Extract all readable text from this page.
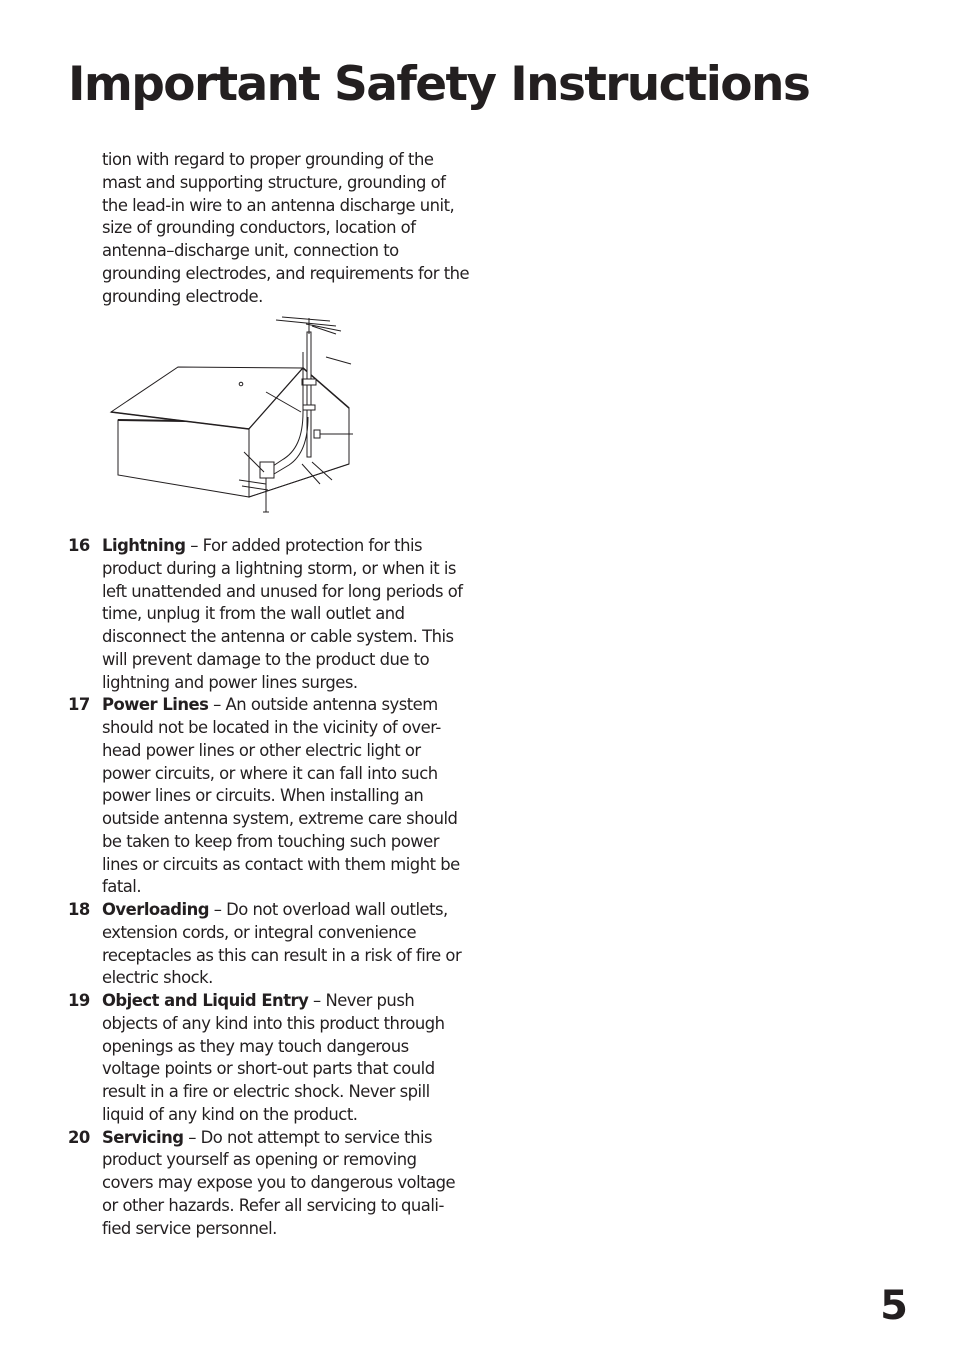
Important Safety Instructions

tion with regard to proper grounding of the mast and supporting structure, grounding of the lead-in wire to an antenna discharge unit, size of grounding conductors, location of antenna–discharge unit, connection to grounding electrodes, and requirements for the grounding electrode.

16 Lightning – For added protection for this product during a lightning storm, or when it is left unattended and unused for long periods of time, unplug it from the wall outlet and disconnect the antenna or cable system. This will prevent damage to the product due to lightning and power lines surges.
17 Power Lines – An outside antenna system should not be located in the vicinity of over-head power lines or other electric light or power circuits, or where it can fall into such power lines or circuits. When installing an outside antenna system, extreme care should be taken to keep from touching such power lines or circuits as contact with them might be fatal.
18 Overloading – Do not overload wall outlets, extension cords, or integral convenience receptacles as this can result in a risk of fire or electric shock.
19 Object and Liquid Entry – Never push objects of any kind into this product through openings as they may touch dangerous voltage points or short-out parts that could result in a fire or electric shock. Never spill liquid of any kind on the product.
20 Servicing – Do not attempt to service this product yourself as opening or removing covers may expose you to dangerous voltage or other hazards. Refer all servicing to quali-fied service personnel.
5
